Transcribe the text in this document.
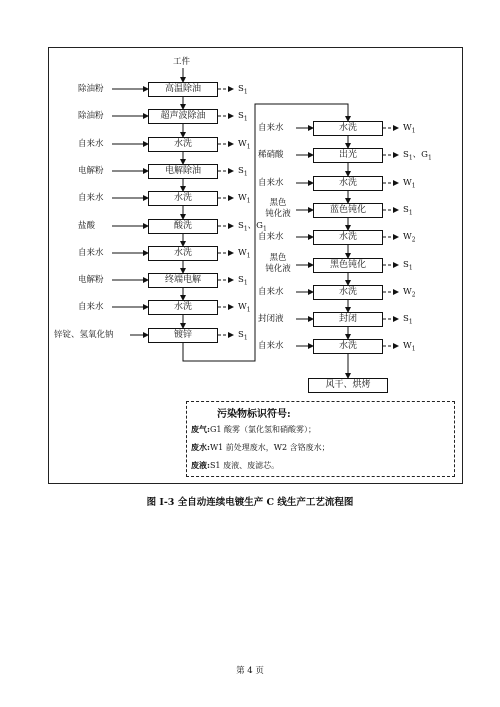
工件
高温除油
除油粉	$S_1$
超声波除油
除油粉	$S_1$
水洗
自来水	$W_1$
电解除油
电解粉	$S_1$
水洗
自来水	$W_1$
酸洗
盐酸	$S_1$、$G_1$
水洗
自来水	$W_1$
终端电解
电解粉	$S_1$
水洗
自来水	$W_1$
镀锌
锌锭、氢氧化钠	$S_1$
水洗
自来水	$W_1$
出光
稀硝酸	$S_1$、$G_1$
水洗
自来水	$W_1$
蓝色钝化
黑色
钝化液	$S_1$
水洗
自来水	$W_2$
黑色钝化
黑色
钝化液	$S_1$
水洗
自来水	$W_2$
封闭
封闭液	$S_1$
水洗
自来水	$W_1$
风干、烘烤
污染物标识符号:
废气:G1 酸雾（氯化氢和硝酸雾）；
废水:W1 前处理废水，W2 含铬废水；
废液:S1 废液、废滤芯。
图 I-3 全自动连续电镀生产 C 线生产工艺流程图
第 4 页
